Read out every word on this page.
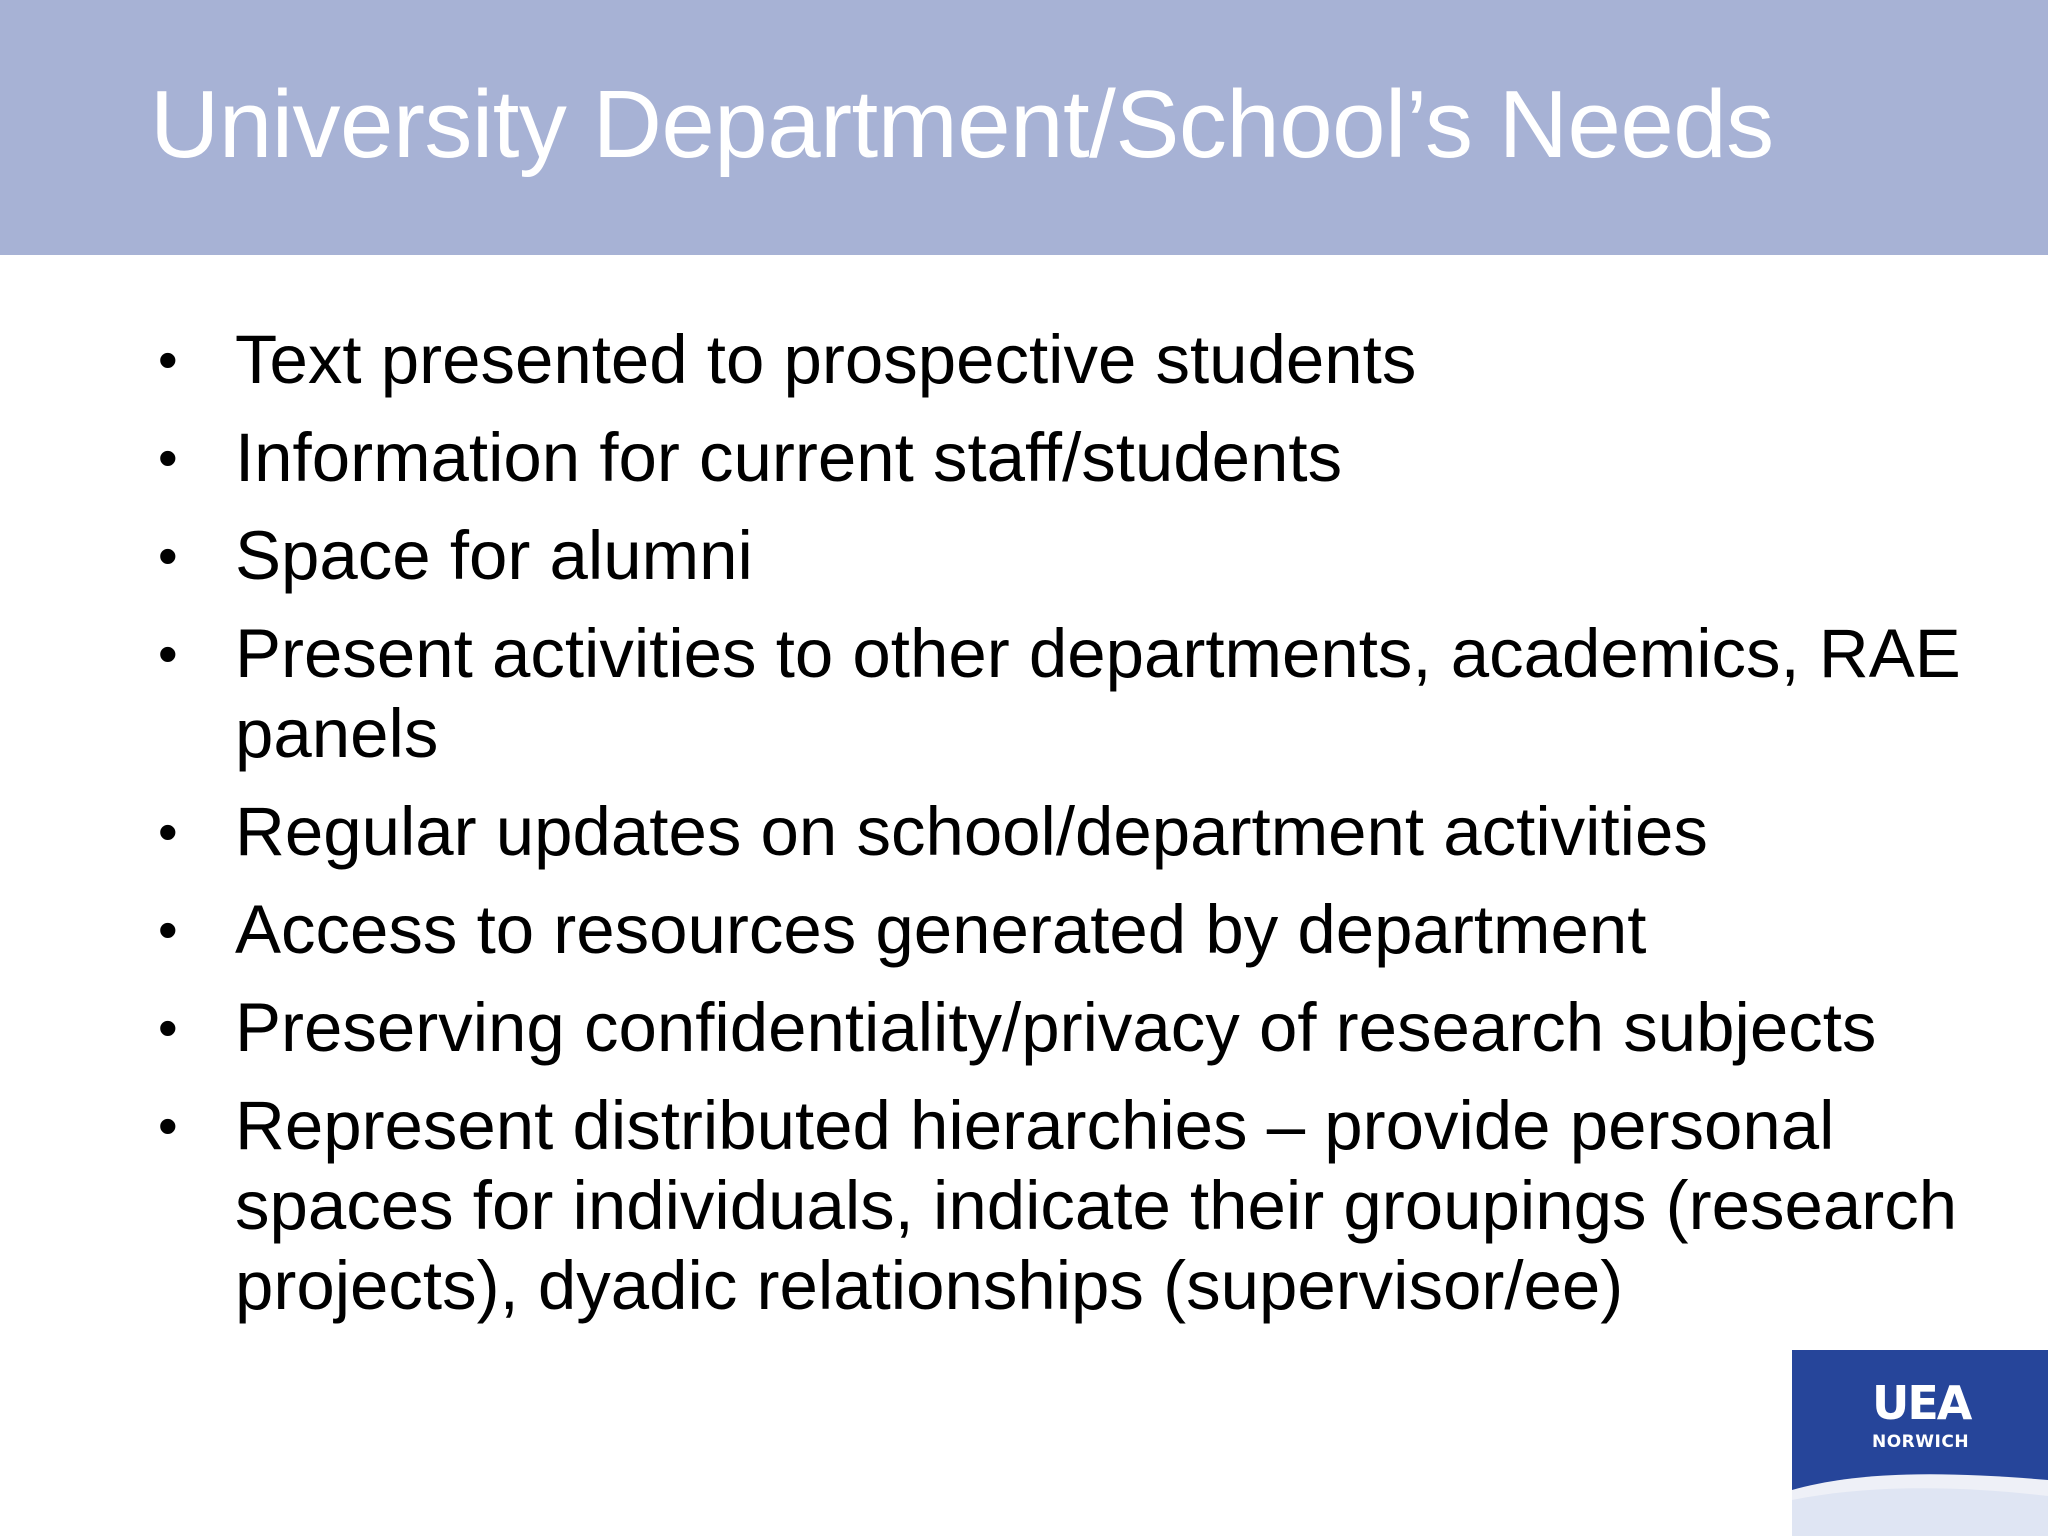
University Department/School’s Needs
• Text presented to prospective students
• Information for current staff/students
• Space for alumni
• Present activities to other departments, academics, RAE panels
• Regular updates on school/department activities
• Access to resources generated by department
• Preserving confidentiality/privacy of research subjects
• Represent distributed hierarchies – provide personal spaces for individuals, indicate their groupings (research projects), dyadic relationships (supervisor/ee)
UEA
NORWICH
